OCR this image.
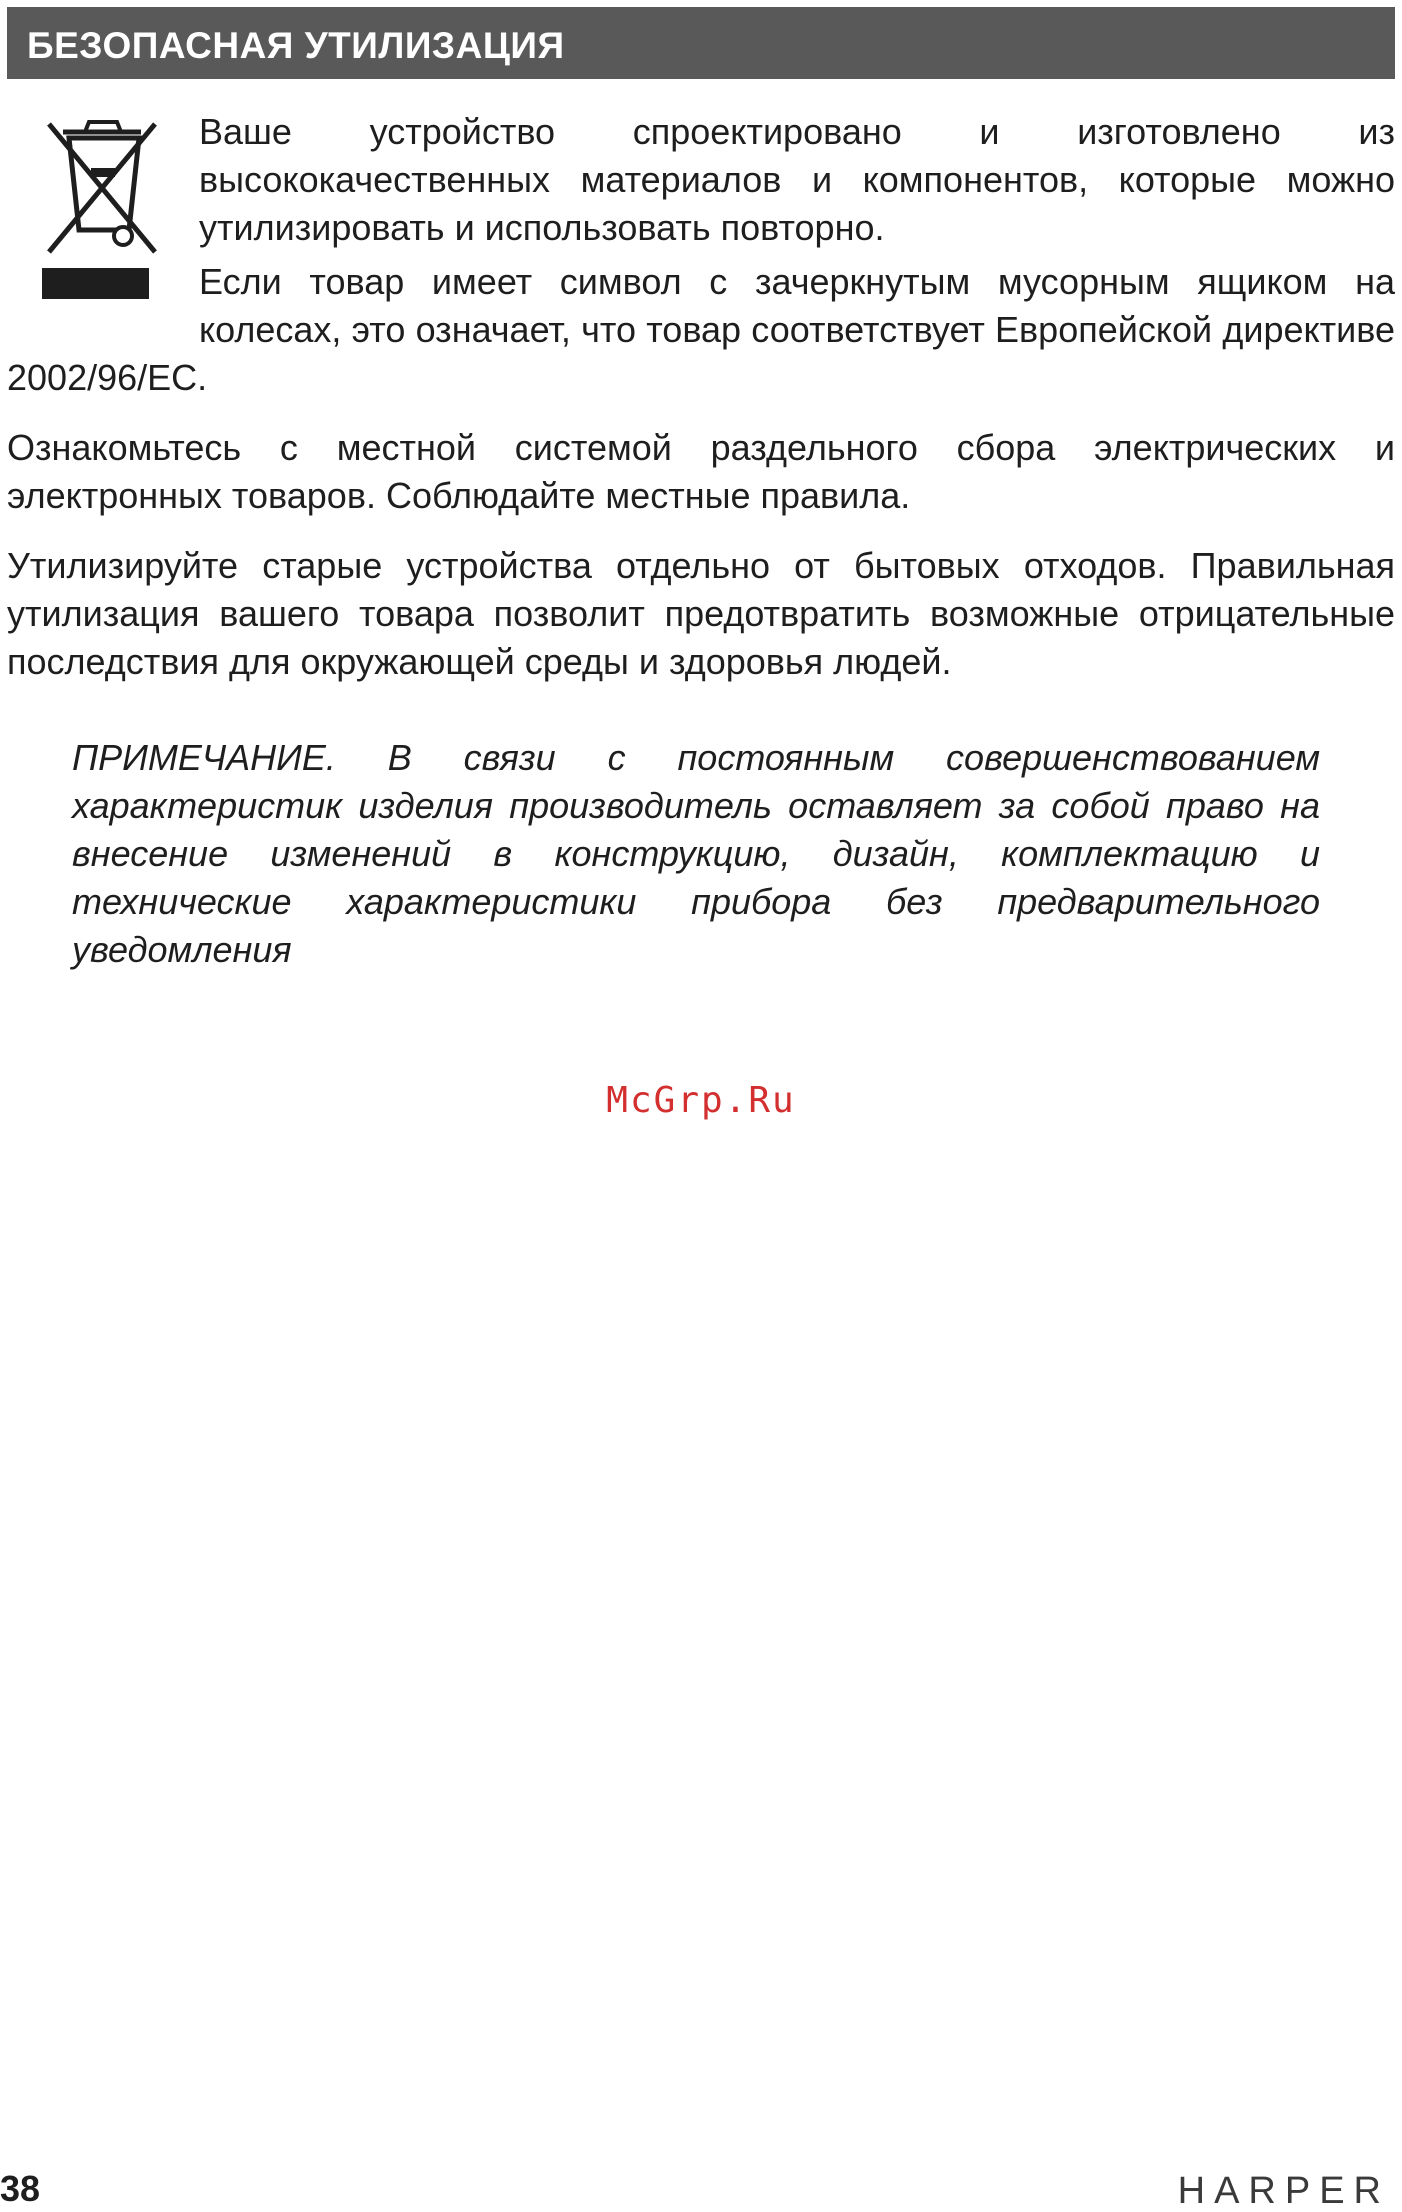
БЕЗОПАСНАЯ УТИЛИЗАЦИЯ

Ваше устройство спроектировано и изготовлено из высококачественных материалов и компонентов, которые можно утилизировать и использовать повторно.

Если товар имеет символ с зачеркнутым мусорным ящиком на колесах, это означает, что товар соответствует Европейской директиве 2002/96/EC.

Ознакомьтесь с местной системой раздельного сбора электрических и электронных товаров. Соблюдайте местные правила.

Утилизируйте старые устройства отдельно от бытовых отходов. Правильная утилизация вашего товара позволит предотвратить возможные отрицательные последствия для окружающей среды и здоровья людей.

ПРИМЕЧАНИЕ. В связи с постоянным совершенствованием характеристик изделия производитель оставляет за собой право на внесение изменений в конструкцию, дизайн, комплектацию и технические характеристики прибора без предварительного уведомления

McGrp.Ru
38	HARPER
